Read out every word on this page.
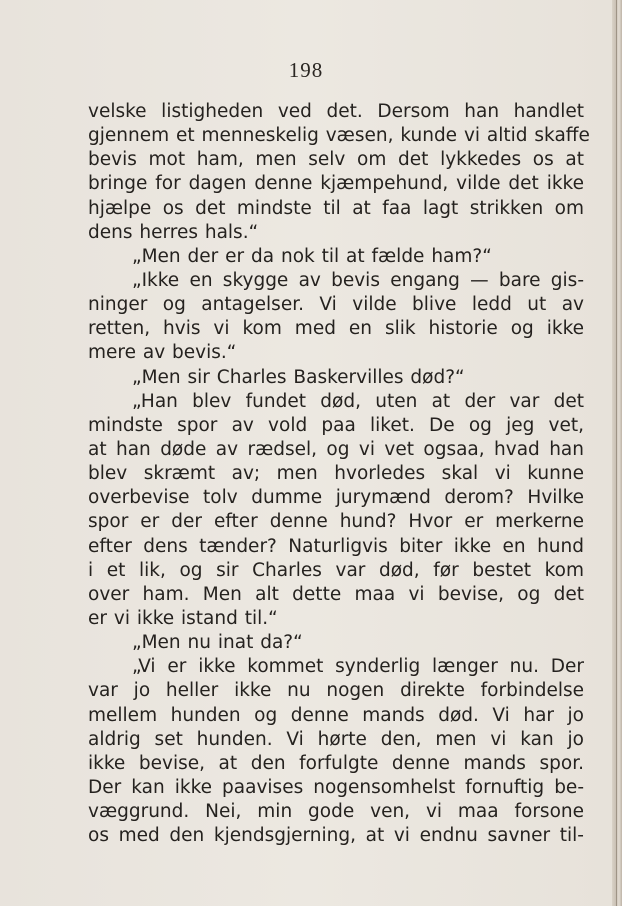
198
velske listigheden ved det. Dersom han handlet
gjennem et menneskelig væsen, kunde vi altid skaffe
bevis mot ham, men selv om det lykkedes os at
bringe for dagen denne kjæmpehund, vilde det ikke
hjælpe os det mindste til at faa lagt strikken om
dens herres hals.“
„Men der er da nok til at fælde ham?“
„Ikke en skygge av bevis engang — bare gis-
ninger og antagelser. Vi vilde blive ledd ut av
retten, hvis vi kom med en slik historie og ikke
mere av bevis.“
„Men sir Charles Baskervilles død?“
„Han blev fundet død, uten at der var det
mindste spor av vold paa liket. De og jeg vet,
at han døde av rædsel, og vi vet ogsaa, hvad han
blev skræmt av; men hvorledes skal vi kunne
overbevise tolv dumme jurymænd derom? Hvilke
spor er der efter denne hund? Hvor er merkerne
efter dens tænder? Naturligvis biter ikke en hund
i et lik, og sir Charles var død, før bestet kom
over ham. Men alt dette maa vi bevise, og det
er vi ikke istand til.“
„Men nu inat da?“
„Vi er ikke kommet synderlig længer nu. Der
var jo heller ikke nu nogen direkte forbindelse
mellem hunden og denne mands død. Vi har jo
aldrig set hunden. Vi hørte den, men vi kan jo
ikke bevise, at den forfulgte denne mands spor.
Der kan ikke paavises nogensomhelst fornuftig be-
væggrund. Nei, min gode ven, vi maa forsone
os med den kjendsgjerning, at vi endnu savner til-
